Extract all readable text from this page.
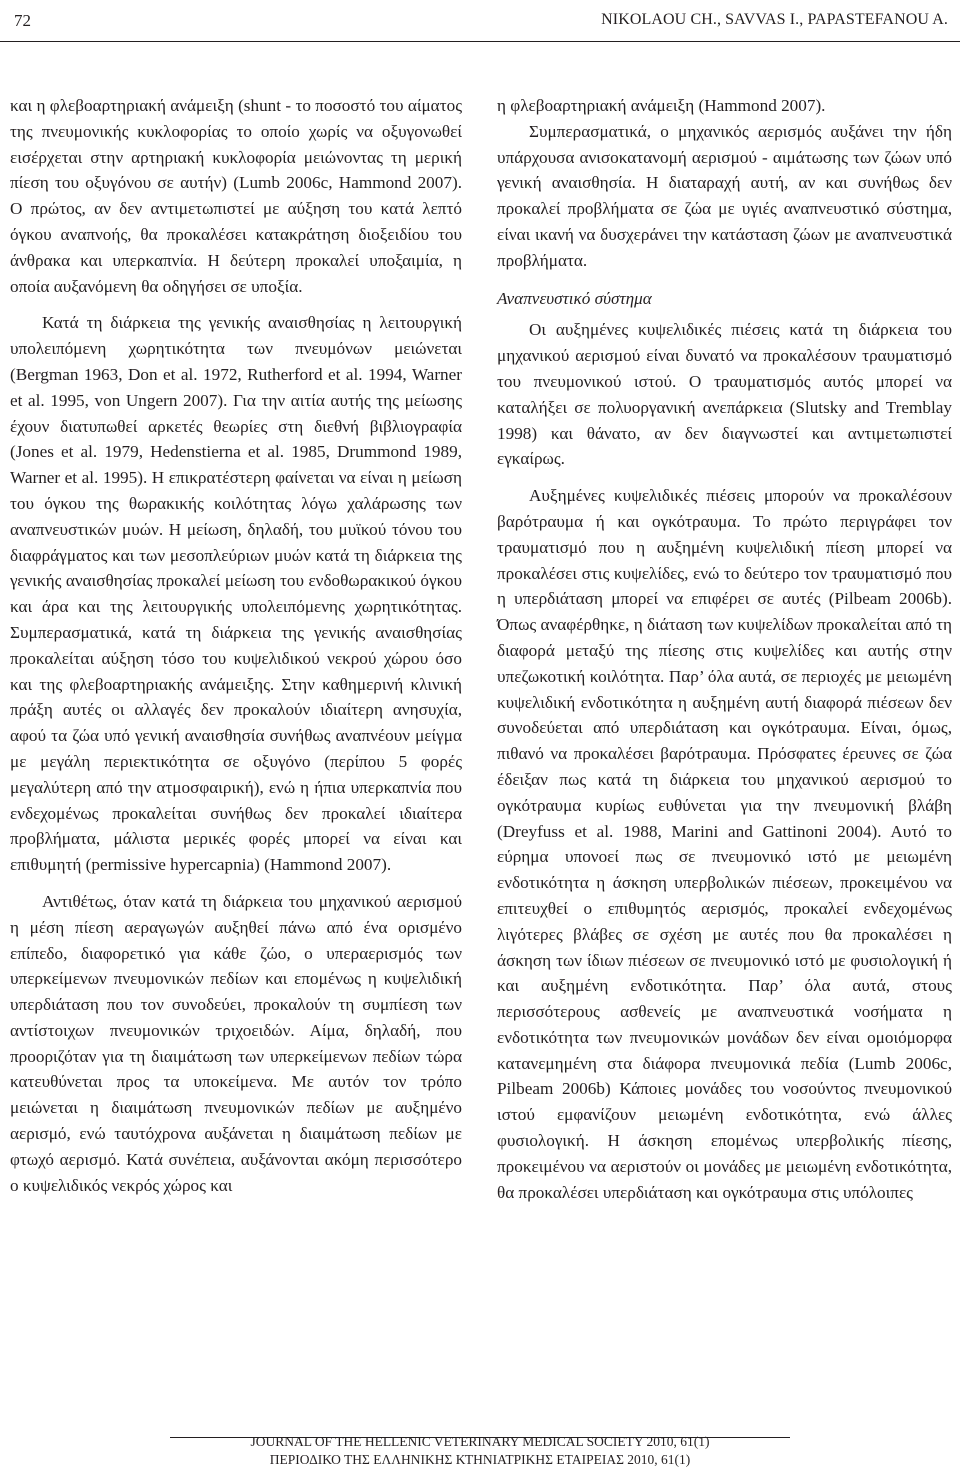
72	NIKOLAOU CH., SAVVAS I., PAPASTEFANOU A.

και η φλεβοαρτηριακή ανάμειξη (shunt - το ποσοστό του αίματος της πνευμονικής κυκλοφορίας το οποίο χωρίς να οξυγονωθεί εισέρχεται στην αρτηριακή κυκλοφορία μειώνοντας τη μερική πίεση του οξυγόνου σε αυτήν) (Lumb 2006c, Hammond 2007). Ο πρώτος, αν δεν αντιμετωπιστεί με αύξηση του κατά λεπτό όγκου αναπνοής, θα προκαλέσει κατακράτηση διοξειδίου του άνθρακα και υπερκαπνία. Η δεύτερη προκαλεί υποξαιμία, η οποία αυξανόμενη θα οδηγήσει σε υποξία.

Κατά τη διάρκεια της γενικής αναισθησίας η λειτουργική υπολειπόμενη χωρητικότητα των πνευμόνων μειώνεται (Bergman 1963, Don et al. 1972, Rutherford et al. 1994, Warner et al. 1995, von Ungern 2007). Για την αιτία αυτής της μείωσης έχουν διατυπωθεί αρκετές θεωρίες στη διεθνή βιβλιογραφία (Jones et al. 1979, Hedenstierna et al. 1985, Drummond 1989, Warner et al. 1995). Η επικρατέστερη φαίνεται να είναι η μείωση του όγκου της θωρακικής κοιλότητας λόγω χαλάρωσης των αναπνευστικών μυών. Η μείωση, δηλαδή, του μυϊκού τόνου του διαφράγματος και των μεσοπλεύριων μυών κατά τη διάρκεια της γενικής αναισθησίας προκαλεί μείωση του ενδοθωρακικού όγκου και άρα και της λειτουργικής υπολειπόμενης χωρητικότητας. Συμπερασματικά, κατά τη διάρκεια της γενικής αναισθησίας προκαλείται αύξηση τόσο του κυψελιδικού νεκρού χώρου όσο και της φλεβοαρτηριακής ανάμειξης. Στην καθημερινή κλινική πράξη αυτές οι αλλαγές δεν προκαλούν ιδιαίτερη ανησυχία, αφού τα ζώα υπό γενική αναισθησία συνήθως αναπνέουν μείγμα με μεγάλη περιεκτικότητα σε οξυγόνο (περίπου 5 φορές μεγαλύτερη από την ατμοσφαιρική), ενώ η ήπια υπερκαπνία που ενδεχομένως προκαλείται συνήθως δεν προκαλεί ιδιαίτερα προβλήματα, μάλιστα μερικές φορές μπορεί να είναι και επιθυμητή (permissive hypercapnia) (Hammond 2007).

Αντιθέτως, όταν κατά τη διάρκεια του μηχανικού αερισμού η μέση πίεση αεραγωγών αυξηθεί πάνω από ένα ορισμένο επίπεδο, διαφορετικό για κάθε ζώο, ο υπεραερισμός των υπερκείμενων πνευμονικών πεδίων και επομένως η κυψελιδική υπερδιάταση που τον συνοδεύει, προκαλούν τη συμπίεση των αντίστοιχων πνευμονικών τριχοειδών. Αίμα, δηλαδή, που προοριζόταν για τη διαιμάτωση των υπερκείμενων πεδίων τώρα κατευθύνεται προς τα υποκείμενα. Με αυτόν τον τρόπο μειώνεται η διαιμάτωση πνευμονικών πεδίων με αυξημένο αερισμό, ενώ ταυτόχρονα αυξάνεται η διαιμάτωση πεδίων με φτωχό αερισμό. Κατά συνέπεια, αυξάνονται ακόμη περισσότερο ο κυψελιδικός νεκρός χώρος και

η φλεβοαρτηριακή ανάμειξη (Hammond 2007).

Συμπερασματικά, ο μηχανικός αερισμός αυξάνει την ήδη υπάρχουσα ανισοκατανομή αερισμού - αιμάτωσης των ζώων υπό γενική αναισθησία. Η διαταραχή αυτή, αν και συνήθως δεν προκαλεί προβλήματα σε ζώα με υγιές αναπνευστικό σύστημα, είναι ικανή να δυσχεράνει την κατάσταση ζώων με αναπνευστικά προβλήματα.

Αναπνευστικό σύστημα

Οι αυξημένες κυψελιδικές πιέσεις κατά τη διάρκεια του μηχανικού αερισμού είναι δυνατό να προκαλέσουν τραυματισμό του πνευμονικού ιστού. Ο τραυματισμός αυτός μπορεί να καταλήξει σε πολυοργανική ανεπάρκεια (Slutsky and Tremblay 1998) και θάνατο, αν δεν διαγνωστεί και αντιμετωπιστεί εγκαίρως.

Αυξημένες κυψελιδικές πιέσεις μπορούν να προκαλέσουν βαρότραυμα ή και ογκότραυμα. Το πρώτο περιγράφει τον τραυματισμό που η αυξημένη κυψελιδική πίεση μπορεί να προκαλέσει στις κυψελίδες, ενώ το δεύτερο τον τραυματισμό που η υπερδιάταση μπορεί να επιφέρει σε αυτές (Pilbeam 2006b). Όπως αναφέρθηκε, η διάταση των κυψελίδων προκαλείται από τη διαφορά μεταξύ της πίεσης στις κυψελίδες και αυτής στην υπεζωκοτική κοιλότητα. Παρ’ όλα αυτά, σε περιοχές με μειωμένη κυψελιδική ενδοτικότητα η αυξημένη αυτή διαφορά πιέσεων δεν συνοδεύεται από υπερδιάταση και ογκότραυμα. Είναι, όμως, πιθανό να προκαλέσει βαρότραυμα. Πρόσφατες έρευνες σε ζώα έδειξαν πως κατά τη διάρκεια του μηχανικού αερισμού το ογκότραυμα κυρίως ευθύνεται για την πνευμονική βλάβη (Dreyfuss et al. 1988, Marini and Gattinoni 2004). Αυτό το εύρημα υπονοεί πως σε πνευμονικό ιστό με μειωμένη ενδοτικότητα η άσκηση υπερβολικών πιέσεων, προκειμένου να επιτευχθεί ο επιθυμητός αερισμός, προκαλεί ενδεχομένως λιγότερες βλάβες σε σχέση με αυτές που θα προκαλέσει η άσκηση των ίδιων πιέσεων σε πνευμονικό ιστό με φυσιολογική ή και αυξημένη ενδοτικότητα. Παρ’ όλα αυτά, στους περισσότερους ασθενείς με αναπνευστικά νοσήματα η ενδοτικότητα των πνευμονικών μονάδων δεν είναι ομοιόμορφα κατανεμημένη στα διάφορα πνευμονικά πεδία (Lumb 2006c, Pilbeam 2006b) Κάποιες μονάδες του νοσούντος πνευμονικού ιστού εμφανίζουν μειωμένη ενδοτικότητα, ενώ άλλες φυσιολογική. Η άσκηση επομένως υπερβολικής πίεσης, προκειμένου να αεριστούν οι μονάδες με μειωμένη ενδοτικότητα, θα προκαλέσει υπερδιάταση και ογκότραυμα στις υπόλοιπες

JOURNAL OF THE HELLENIC VETERINARY MEDICAL SOCIETY 2010, 61(1)
ΠΕΡΙΟΔΙΚΟ ΤΗΣ ΕΛΛΗΝΙΚΗΣ ΚΤΗΝΙΑΤΡΙΚΗΣ ΕΤΑΙΡΕΙΑΣ 2010, 61(1)
